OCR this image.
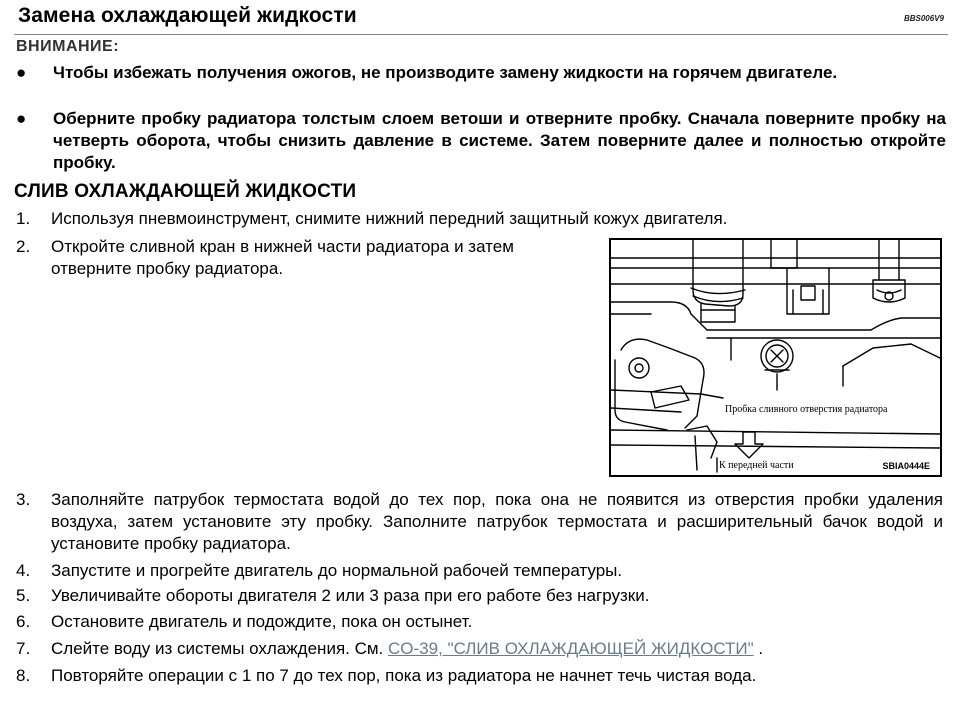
Замена охлаждающей жидкости	BBS006V9
ВНИМАНИЕ:
● Чтобы избежать получения ожогов, не производите замену жидкости на горячем двигателе.
● Оберните пробку радиатора толстым слоем ветоши и отверните пробку. Сначала поверните пробку на четверть оборота, чтобы снизить давление в системе. Затем поверните далее и полностью откройте пробку.
СЛИВ ОХЛАЖДАЮЩЕЙ ЖИДКОСТИ
1.	Используя пневмоинструмент, снимите нижний передний защитный кожух двигателя.
2.	Откройте сливной кран в нижней части радиатора и затем отверните пробку радиатора.
Пробка сливного отверстия радиатора
К передней части	SBIA0444E
3.	Заполняйте патрубок термостата водой до тех пор, пока она не появится из отверстия пробки удаления воздуха, затем установите эту пробку. Заполните патрубок термостата и расширительный бачок водой и установите пробку радиатора.
4.	Запустите и прогрейте двигатель до нормальной рабочей температуры.
5.	Увеличивайте обороты двигателя 2 или 3 раза при его работе без нагрузки.
6.	Остановите двигатель и подождите, пока он остынет.
7.	Слейте воду из системы охлаждения. См. CO-39, "СЛИВ ОХЛАЖДАЮЩЕЙ ЖИДКОСТИ" .
8.	Повторяйте операции с 1 по 7 до тех пор, пока из радиатора не начнет течь чистая вода.
